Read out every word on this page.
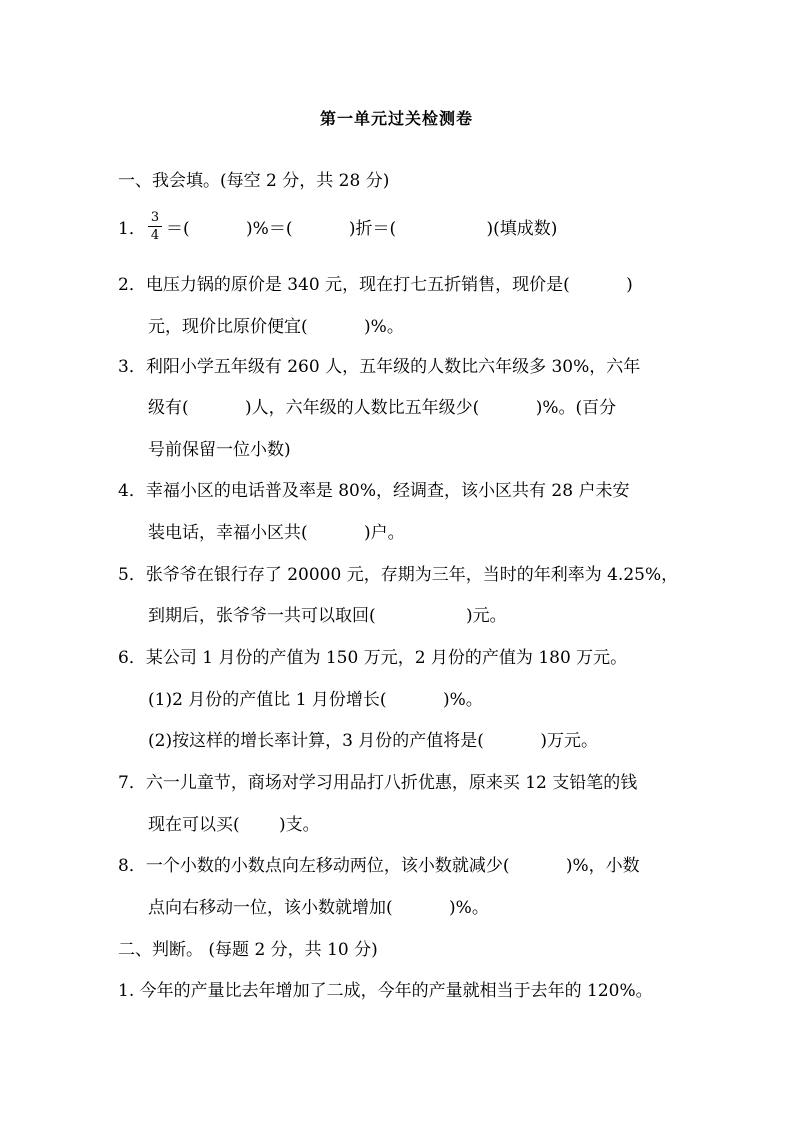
第一单元过关检测卷
一、我会填。(每空 2 分，共 28 分)
1．
3
4 ＝(　　　 )%＝(　　　 )折＝(　　　　　 )(填成数)
2．电压力锅的原价是 340 元，现在打七五折销售，现价是(　　　 )
元，现价比原价便宜(　　　 )%。
3．利阳小学五年级有 260 人，五年级的人数比六年级多 30%，六年
级有(　　　 )人，六年级的人数比五年级少(　　　 )%。(百分
号前保留一位小数)
4．幸福小区的电话普及率是 80%，经调查，该小区共有 28 户未安
装电话，幸福小区共(　　　 )户。
5．张爷爷在银行存了 20000 元，存期为三年，当时的年利率为 4.25%，
到期后，张爷爷一共可以取回(　　　　　 )元。
6．某公司 1 月份的产值为 150 万元，2 月份的产值为 180 万元。
(1)2 月份的产值比 1 月份增长(　　　 )%。
(2)按这样的增长率计算，3 月份的产值将是(　　　 )万元。
7．六一儿童节，商场对学习用品打八折优惠，原来买 12 支铅笔的钱
现在可以买(　　 )支。
8．一个小数的小数点向左移动两位，该小数就减少(　　　 )%，小数
点向右移动一位，该小数就增加(　　　 )%。
二、判断。 (每题 2 分，共 10 分)
1. 今年的产量比去年增加了二成，今年的产量就相当于去年的 120%。
